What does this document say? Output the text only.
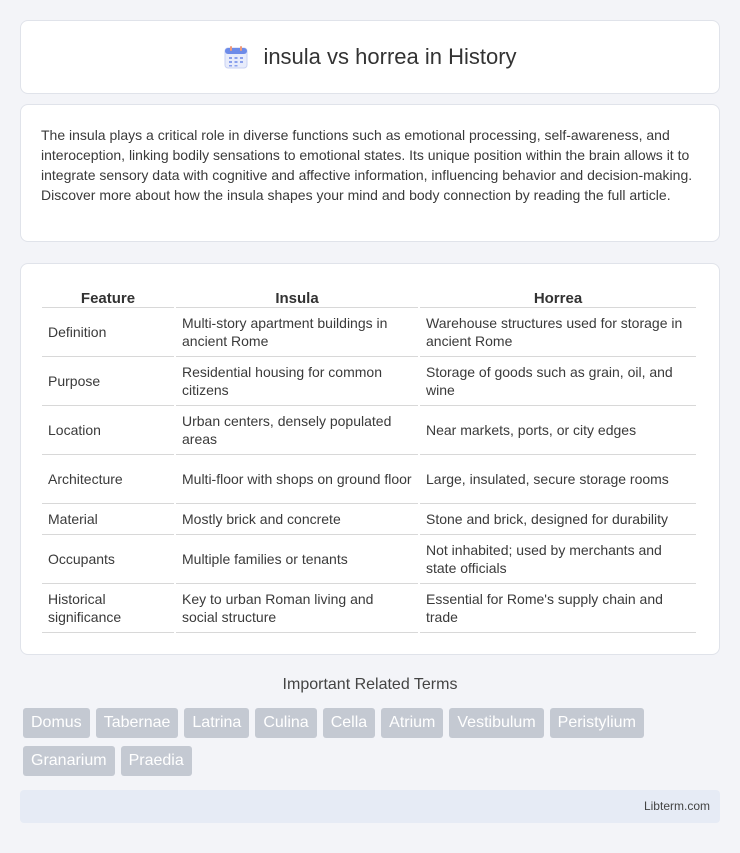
insula vs horrea in History

The insula plays a critical role in diverse functions such as emotional processing, self-awareness, and interoception, linking bodily sensations to emotional states. Its unique position within the brain allows it to integrate sensory data with cognitive and affective information, influencing behavior and decision-making. Discover more about how the insula shapes your mind and body connection by reading the full article.

Feature	Insula	Horrea
Definition	Multi-story apartment buildings in ancient Rome	Warehouse structures used for storage in ancient Rome
Purpose	Residential housing for common citizens	Storage of goods such as grain, oil, and wine
Location	Urban centers, densely populated areas	Near markets, ports, or city edges
Architecture	Multi-floor with shops on ground floor	Large, insulated, secure storage rooms
Material	Mostly brick and concrete	Stone and brick, designed for durability
Occupants	Multiple families or tenants	Not inhabited; used by merchants and state officials
Historical significance	Key to urban Roman living and social structure	Essential for Rome's supply chain and trade
Important Related Terms
Domus	Tabernae	Latrina	Culina	Cella	Atrium	Vestibulum	Peristylium
Granarium	Praedia
Libterm.com
